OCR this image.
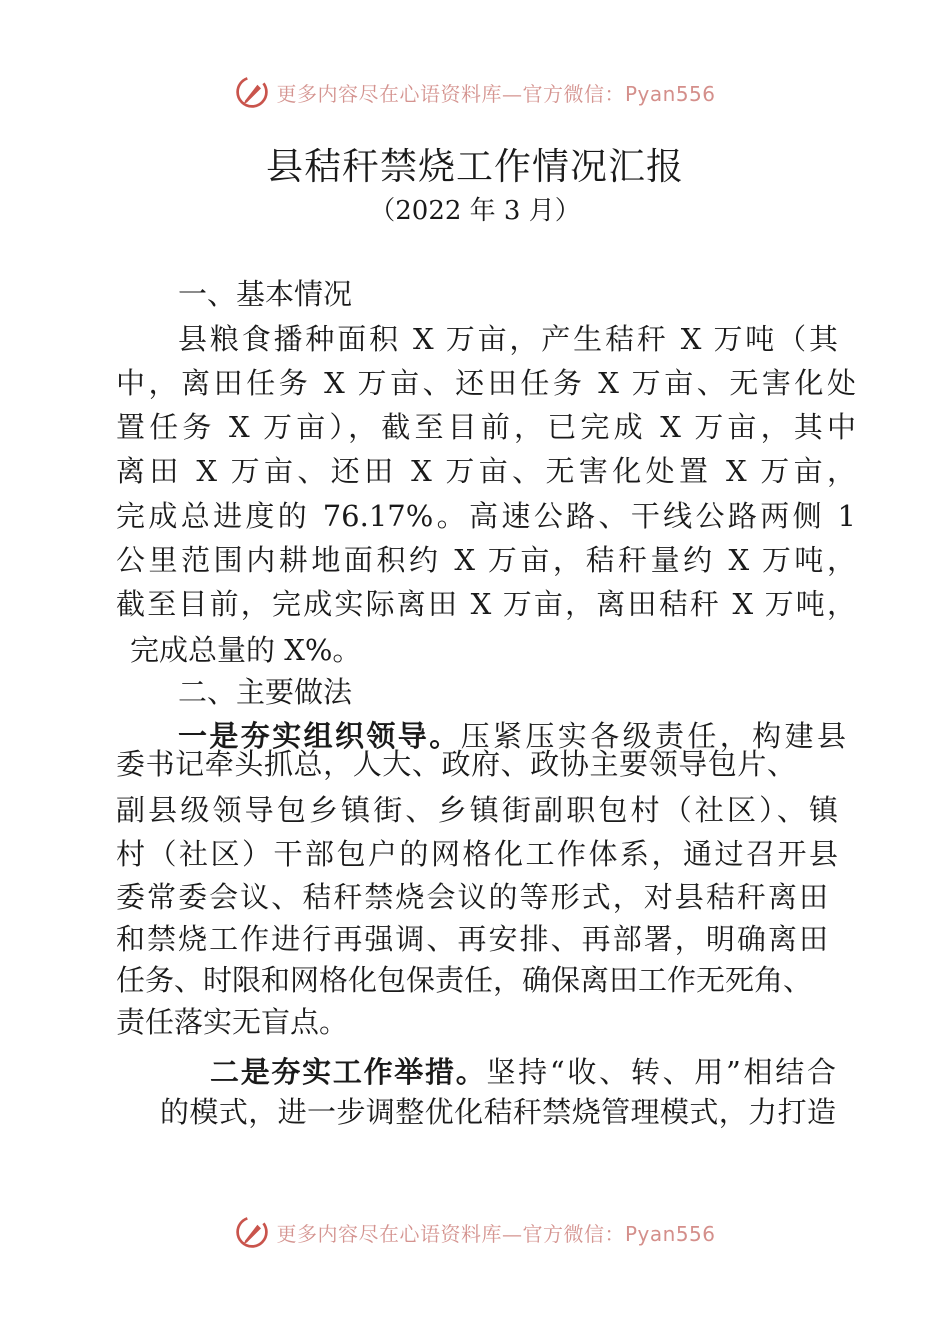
更多内容尽在心语资料库—官方微信：Pyan556
县秸秆禁烧工作情况汇报
（2022 年 3 月）
一、基本情况
县粮食播种面积 X 万亩，产生秸秆 X 万吨（其
中，离田任务 X 万亩、还田任务 X 万亩、无害化处
置任务 X 万亩），截至目前，已完成 X 万亩，其中
离田 X 万亩、还田 X 万亩、无害化处置 X 万亩，
完成总进度的 76.17%。高速公路、干线公路两侧 1
公里范围内耕地面积约 X 万亩，秸秆量约 X 万吨，
截至目前，完成实际离田 X 万亩，离田秸秆 X 万吨，
完成总量的 X%。
二、主要做法
一是夯实组织领导。压紧压实各级责任，构建县
委书记牵头抓总，人大、政府、政协主要领导包片、
副县级领导包乡镇街、乡镇街副职包村（社区）、镇
村（社区）干部包户的网格化工作体系，通过召开县
委常委会议、秸秆禁烧会议的等形式，对县秸秆离田
和禁烧工作进行再强调、再安排、再部署，明确离田
任务、时限和网格化包保责任，确保离田工作无死角、
责任落实无盲点。
二是夯实工作举措。坚持“收、转、用”相结合
的模式，进一步调整优化秸秆禁烧管理模式，力打造
更多内容尽在心语资料库—官方微信：Pyan556
